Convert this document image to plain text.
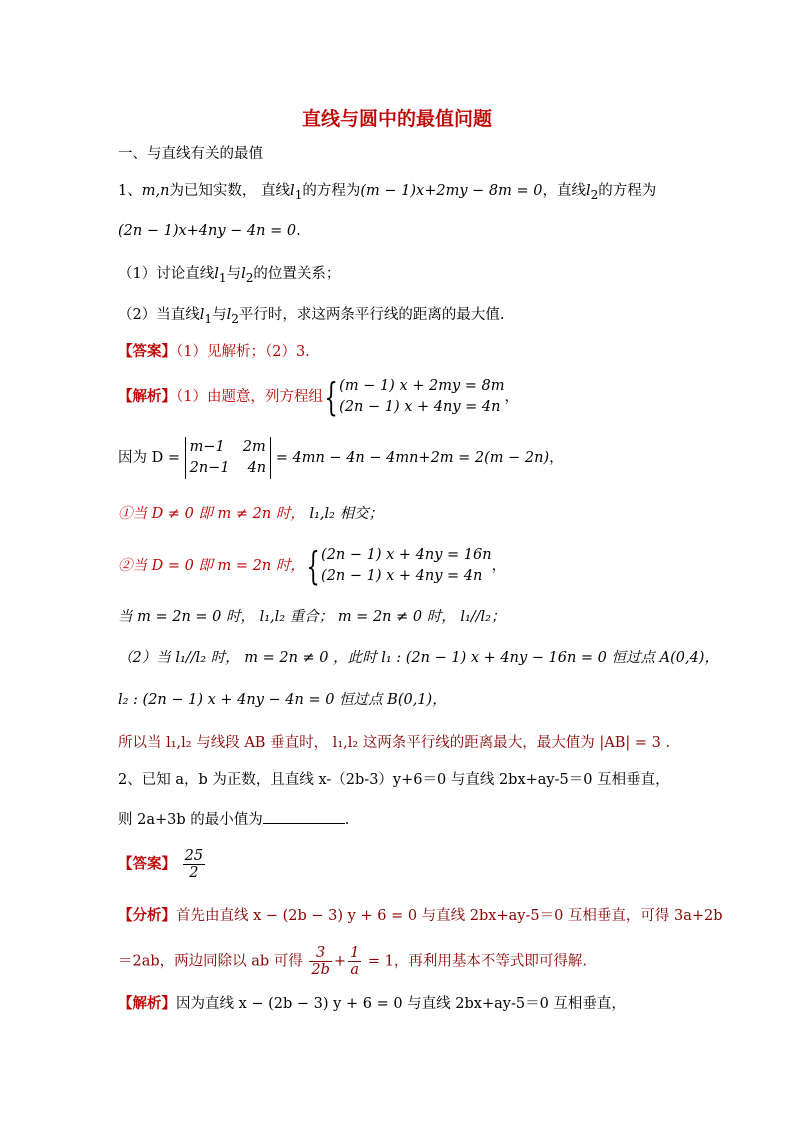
直线与圆中的最值问题
一、与直线有关的最值
1、m,n为已知实数， 直线$l_1$的方程为(m − 1)x+2my − 8m = 0，直线$l_2$的方程为
(2n − 1)x+4ny − 4n = 0.
（1）讨论直线$l_1$与$l_2$的位置关系；
（2）当直线$l_1$与$l_2$平行时，求这两条平行线的距离的最大值.
【答案】（1）见解析；（2）3.
【解析】（1）由题意，列方程组{ (m − 1) x + 2my = 8m
(2n − 1) x + 4ny = 4n
，
因为 D =
m−1 2m
2n−1 4n
= 4mn − 4n − 4mn+2m = 2(m − 2n)，
①当 D ≠ 0 即 m ≠ 2n 时， l₁,l₂ 相交；
②当 D = 0 即 m = 2n 时，{ (2n − 1) x + 4ny = 16n
(2n − 1) x + 4ny = 4n
，
当 m = 2n = 0 时， l₁,l₂ 重合； m = 2n ≠ 0 时， l₁//l₂；
（2）当 l₁//l₂ 时， m = 2n ≠ 0 ，此时 l₁ : (2n − 1) x + 4ny − 16n = 0 恒过点 A(0,4)，
l₂ : (2n − 1) x + 4ny − 4n = 0 恒过点 B(0,1)，
所以当 l₁,l₂ 与线段 AB 垂直时， l₁,l₂ 这两条平行线的距离最大，最大值为 |AB| = 3 .
2、已知 a，b 为正数，且直线 x-（2b-3）y+6＝0 与直线 2bx+ay-5＝0 互相垂直，
则 2a+3b 的最小值为	.
【答案】 $\frac{25}{2}$
【分析】首先由直线 x − (2b − 3) y + 6 = 0 与直线 2bx+ay-5＝0 互相垂直，可得 3a+2b
＝2ab，两边同除以 ab 可得 $\frac{3}{2b} + \frac{1}{a} = 1$，再利用基本不等式即可得解.
【解析】因为直线 x − (2b − 3) y + 6 = 0 与直线 2bx+ay-5＝0 互相垂直，
